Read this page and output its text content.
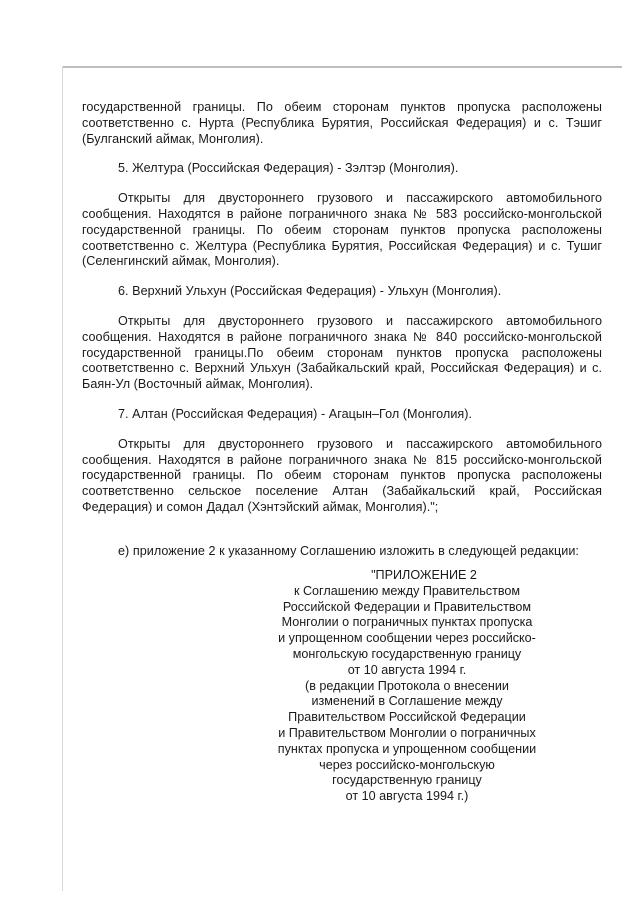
государственной границы. По обеим сторонам пунктов пропуска расположены соответственно с. Нурта (Республика Бурятия, Российская Федерация) и с. Тэшиг (Булганский аймак, Монголия).

5. Желтура (Российская Федерация) - Зэлтэр (Монголия).

Открыты для двустороннего грузового и пассажирского автомобильного сообщения. Находятся в районе пограничного знака № 583 российско-монгольской государственной границы. По обеим сторонам пунктов пропуска расположены соответственно с. Желтура (Республика Бурятия, Российская Федерация) и с. Тушиг (Селенгинский аймак, Монголия).

6. Верхний Ульхун (Российская Федерация) - Ульхун (Монголия).

Открыты для двустороннего грузового и пассажирского автомобильного сообщения. Находятся в районе пограничного знака № 840 российско-монгольской государственной границы.По обеим сторонам пунктов пропуска расположены соответственно с. Верхний Ульхун (Забайкальский край, Российская Федерация) и с. Баян-Ул (Восточный аймак, Монголия).

7. Алтан (Российская Федерация) - Агацын–Гол (Монголия).

Открыты для двустороннего грузового и пассажирского автомобильного сообщения. Находятся в районе пограничного знака № 815 российско-монгольской государственной границы. По обеим сторонам пунктов пропуска расположены соответственно сельское поселение Алтан (Забайкальский край, Российская Федерация) и сомон Дадал (Хэнтэйский аймак, Монголия).";

е) приложение 2 к указанному Соглашению изложить в следующей редакции:

"ПРИЛОЖЕНИЕ 2
к Соглашению между Правительством
Российской Федерации и Правительством
Монголии о пограничных пунктах пропуска
и упрощенном сообщении через российско-
монгольскую государственную границу
от 10 августа 1994 г.
(в редакции Протокола о внесении
изменений в Соглашение между
Правительством Российской Федерации
и Правительством Монголии о пограничных
пунктах пропуска и упрощенном сообщении
через российско-монгольскую
государственную границу
от 10 августа 1994 г.)
